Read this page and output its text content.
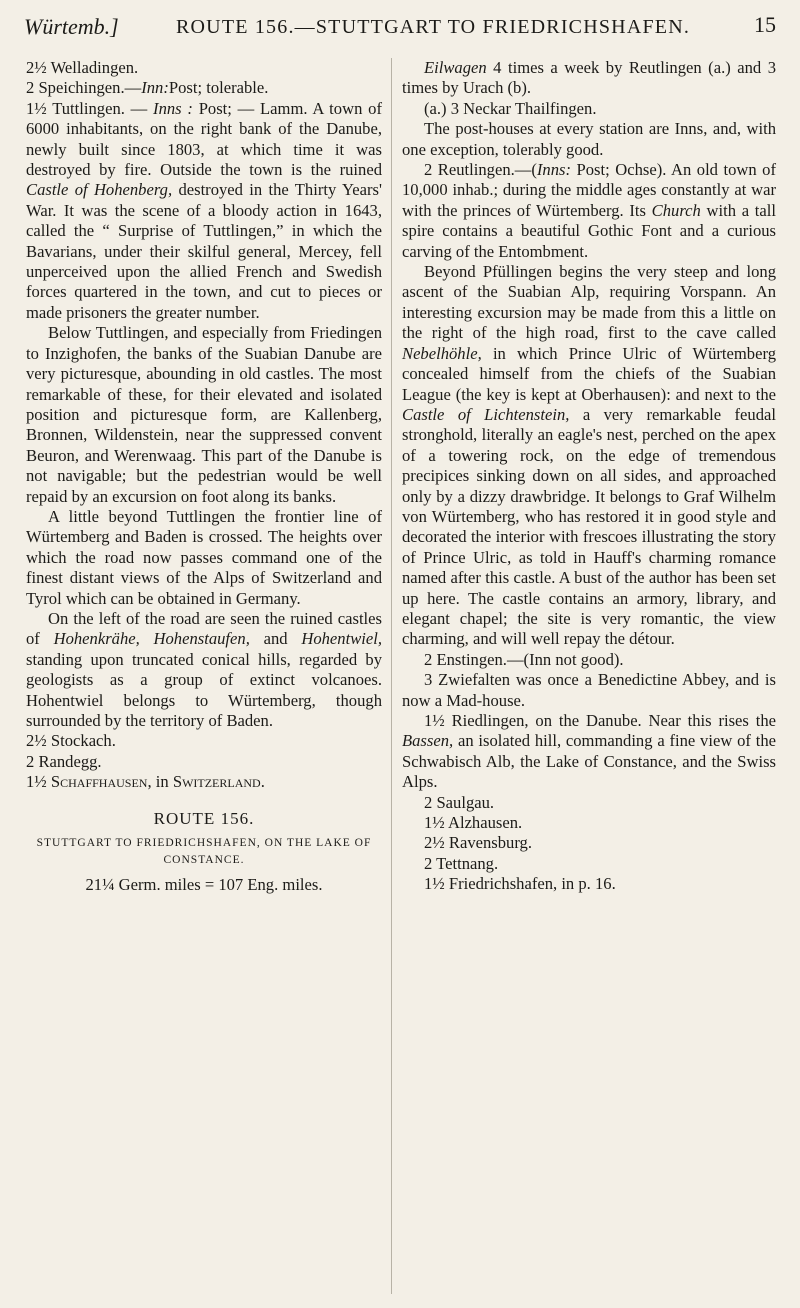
Würtemb.]	ROUTE 156.—STUTTGART TO FRIEDRICHSHAFEN.	15

2½ Welladingen.

2 Speichingen.—Inn:Post; tolerable.

1½ Tuttlingen. — Inns : Post; — Lamm. A town of 6000 inhabitants, on the right bank of the Danube, newly built since 1803, at which time it was destroyed by fire. Outside the town is the ruined Castle of Hohenberg, destroyed in the Thirty Years' War. It was the scene of a bloody action in 1643, called the “ Surprise of Tuttlingen,” in which the Bavarians, under their skilful general, Mercey, fell unperceived upon the allied French and Swedish forces quartered in the town, and cut to pieces or made prisoners the greater number.

Below Tuttlingen, and especially from Friedingen to Inzighofen, the banks of the Suabian Danube are very picturesque, abounding in old castles. The most remarkable of these, for their elevated and isolated position and picturesque form, are Kallenberg, Bronnen, Wildenstein, near the suppressed convent Beuron, and Werenwaag. This part of the Danube is not navigable; but the pedestrian would be well repaid by an excursion on foot along its banks.

A little beyond Tuttlingen the frontier line of Würtemberg and Baden is crossed. The heights over which the road now passes command one of the finest distant views of the Alps of Switzerland and Tyrol which can be obtained in Germany.

On the left of the road are seen the ruined castles of Hohenkrähe, Hohenstaufen, and Hohentwiel, standing upon truncated conical hills, regarded by geologists as a group of extinct volcanoes. Hohentwiel belongs to Würtemberg, though surrounded by the territory of Baden.

2½ Stockach.

2 Randegg.

1½ Schaffhausen, in Switzerland.

ROUTE 156.

STUTTGART TO FRIEDRICHSHAFEN, ON THE LAKE OF CONSTANCE.

21¼ Germ. miles = 107 Eng. miles.

Eilwagen 4 times a week by Reutlingen (a.) and 3 times by Urach (b).

(a.) 3 Neckar Thailfingen.

The post-houses at every station are Inns, and, with one exception, tolerably good.

2 Reutlingen.—(Inns: Post; Ochse). An old town of 10,000 inhab.; during the middle ages constantly at war with the princes of Würtemberg. Its Church with a tall spire contains a beautiful Gothic Font and a curious carving of the Entombment.

Beyond Pfüllingen begins the very steep and long ascent of the Suabian Alp, requiring Vorspann. An interesting excursion may be made from this a little on the right of the high road, first to the cave called Nebelhöhle, in which Prince Ulric of Würtemberg concealed himself from the chiefs of the Suabian League (the key is kept at Oberhausen): and next to the Castle of Lichtenstein, a very remarkable feudal stronghold, literally an eagle's nest, perched on the apex of a towering rock, on the edge of tremendous precipices sinking down on all sides, and approached only by a dizzy drawbridge. It belongs to Graf Wilhelm von Würtemberg, who has restored it in good style and decorated the interior with frescoes illustrating the story of Prince Ulric, as told in Hauff's charming romance named after this castle. A bust of the author has been set up here. The castle contains an armory, library, and elegant chapel; the site is very romantic, the view charming, and will well repay the détour.

2 Enstingen.—(Inn not good).

3 Zwiefalten was once a Benedictine Abbey, and is now a Mad-house.

1½ Riedlingen, on the Danube. Near this rises the Bassen, an isolated hill, commanding a fine view of the Schwabisch Alb, the Lake of Constance, and the Swiss Alps.

2 Saulgau.

1½ Alzhausen.

2½ Ravensburg.

2 Tettnang.

1½ Friedrichshafen, in p. 16.
